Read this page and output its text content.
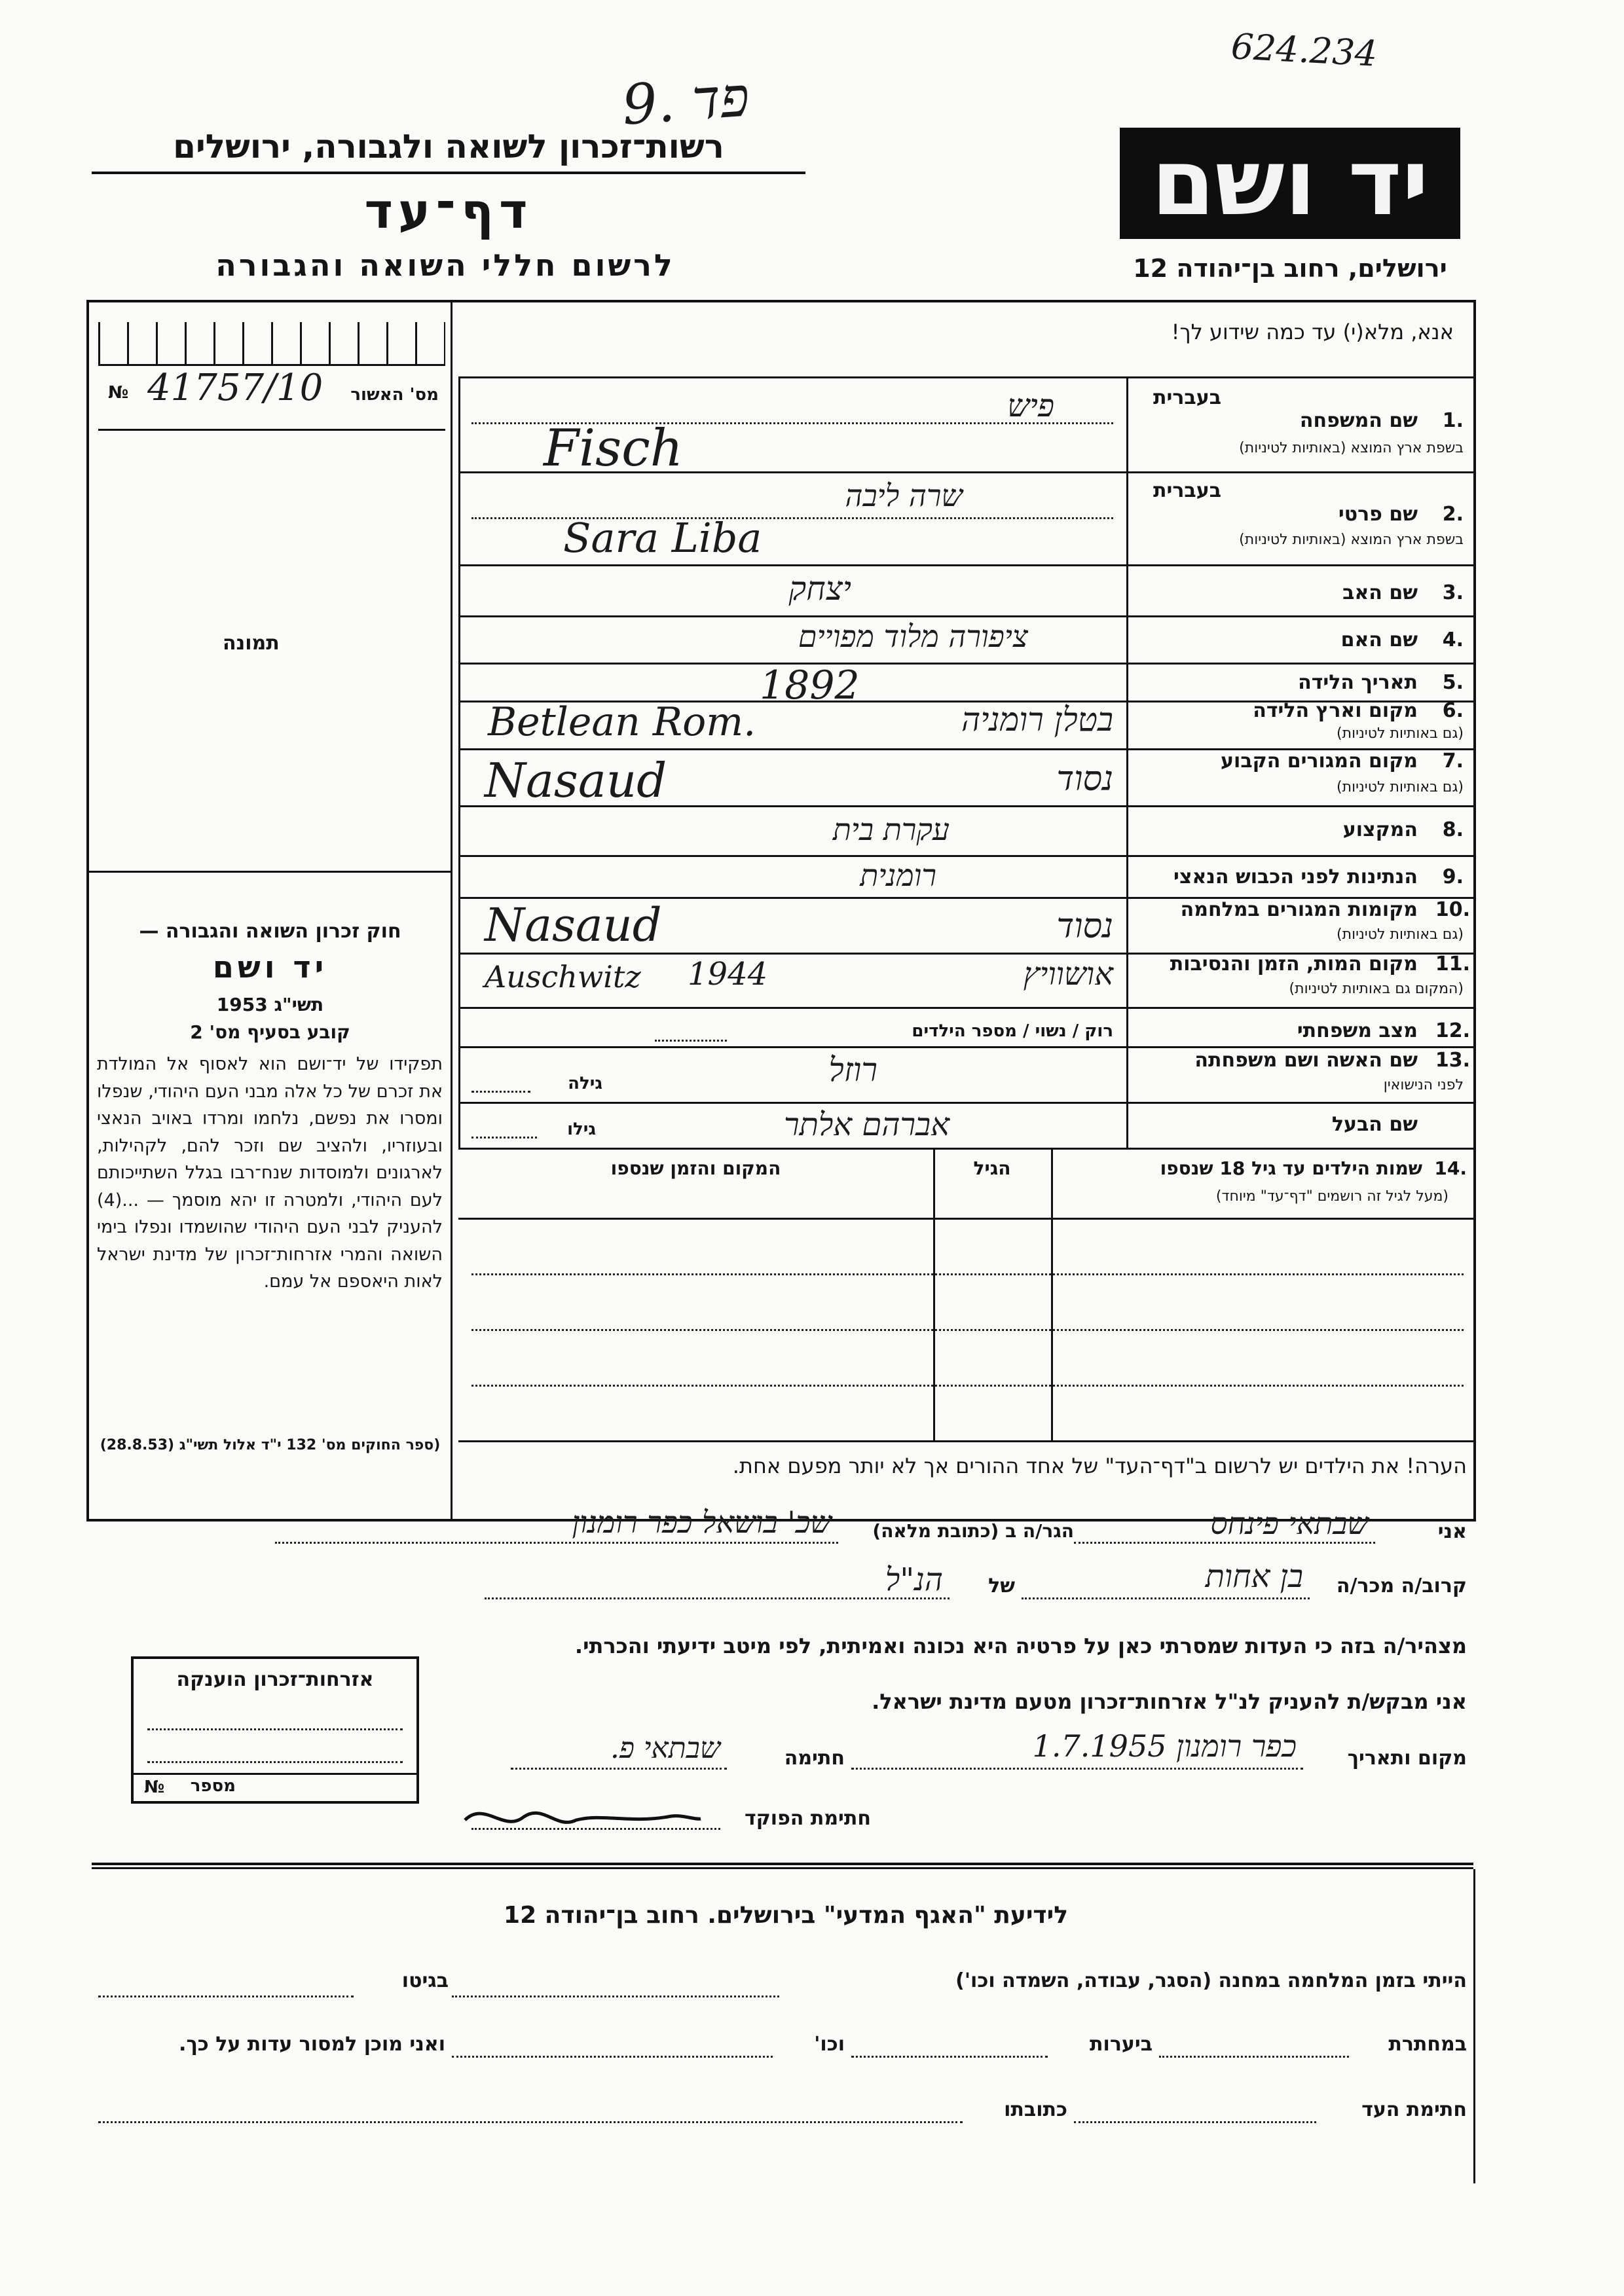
9. פד
624.234
רשות־זכרון לשואה ולגבורה, ירושלים
דף־עד
לרשום חללי השואה והגבורה
יד ושם
ירושלים, רחוב בן־יהודה 12
אנא, מלא(י) עד כמה שידוע לך!
№ 41757/10	מס' האשור
תמונה
1.
שם המשפחה
בשפת ארץ המוצא (באותיות לטיניות)
בעברית
פיש
Fisch
2.
שם פרטי
בשפת ארץ המוצא (באותיות לטיניות)
בעברית
שרה ליבה
Sara Liba
3.
שם האב
יצחק
4.
שם האם
ציפורה מלוד מפויים
5.
תאריך הלידה
1892
6.
מקום וארץ הלידה
(גם באותיות לטיניות)
Betlean Rom.	בטלן רומניה
7.
מקום המגורים הקבוע
(גם באותיות לטיניות)
Nasaud	נסוד
8.
המקצוע
עקרת בית
9.
הנתינות לפני הכבוש הנאצי
רומנית
10.
מקומות המגורים במלחמה
(גם באותיות לטיניות)
Nasaud	נסוד
11.
מקום המות, הזמן והנסיבות
(המקום גם באותיות לטיניות)
Auschwitz 1944	אושוויץ
12.
מצב משפחתי
רוק / נשוי / מספר הילדים
13.
שם האשה ושם משפחתה
לפני הנישואין
רוזל
גילה
שם הבעל
אברהם אלתר
גילו
14.
שמות הילדים עד גיל 18 שנספו
(מעל לגיל זה רושמים "דף־עד" מיוחד)
הגיל
המקום והזמן שנספו
חוק זכרון השואה והגבורה —
יד ושם
תשי"ג 1953
קובע בסעיף מס' 2
תפקידו של יד־ושם הוא לאסוף אל המולדת את זכרם של כל אלה מבני העם היהודי, שנפלו ומסרו את נפשם, נלחמו ומרדו באויב הנאצי ובעוזריו, ולהציב שם וזכר להם, לקהילות, לארגונים ולמוסדות שנח־רבו בגלל השתייכותם לעם היהודי, ולמטרה זו יהא מוסמך — ...(4) להעניק לבני העם היהודי שהושמדו ונפלו בימי השואה והמרי אזרחות־זכרון של מדינת ישראל לאות היאספם אל עמם.
(ספר החוקים מס' 132 י"ד אלול תשי"ג (28.8.53)
הערה! את הילדים יש לרשום ב"דף־העד" של אחד ההורים אך לא יותר מפעם אחת.
אני
שבתאי פינחס
הגר/ה ב (כתובת מלאה)
שכ' בושאל כפר רומנון
קרוב/ה מכר/ה
בן אחות
של
הנ"ל
מצהיר/ה בזה כי העדות שמסרתי כאן על פרטיה היא נכונה ואמיתית, לפי מיטב ידיעתי והכרתי.
אני מבקש/ת להעניק לנ"ל אזרחות־זכרון מטעם מדינת ישראל.
מקום ותאריך
כפר רומנון 1.7.1955
חתימה
שבתאי פ.
חתימת הפוקד
אזרחות־זכרון הוענקה
№	מספר
לידיעת "האגף המדעי" בירושלים. רחוב בן־יהודה 12
הייתי בזמן המלחמה במחנה (הסגר, עבודה, השמדה וכו')
בגיטו
במחתרת
ביערות
וכו'
ואני מוכן למסור עדות על כך.
חתימת העד
כתובתו
